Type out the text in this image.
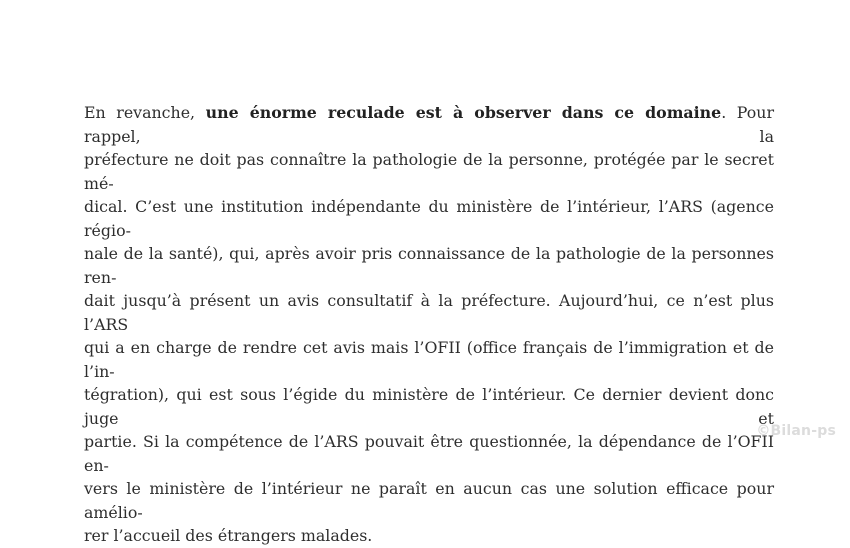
En revanche, une énorme reculade est à observer dans ce domaine. Pour rappel, la
préfecture ne doit pas connaître la pathologie de la personne, protégée par le secret mé-
dical. C’est une institution indépendante du ministère de l’intérieur, l’ARS (agence régio-
nale de la santé), qui, après avoir pris connaissance de la pathologie de la personnes ren-
dait jusqu’à présent un avis consultatif à la préfecture. Aujourd’hui, ce n’est plus l’ARS
qui a en charge de rendre cet avis mais l’OFII (office français de l’immigration et de l’in-
tégration), qui est sous l’égide du ministère de l’intérieur. Ce dernier devient donc juge et
partie. Si la compétence de l’ARS pouvait être questionnée, la dépendance de l’OFII en-
vers le ministère de l’intérieur ne paraît en aucun cas une solution efficace pour amélio-
rer l’accueil des étrangers malades.
©Bilan-ps
